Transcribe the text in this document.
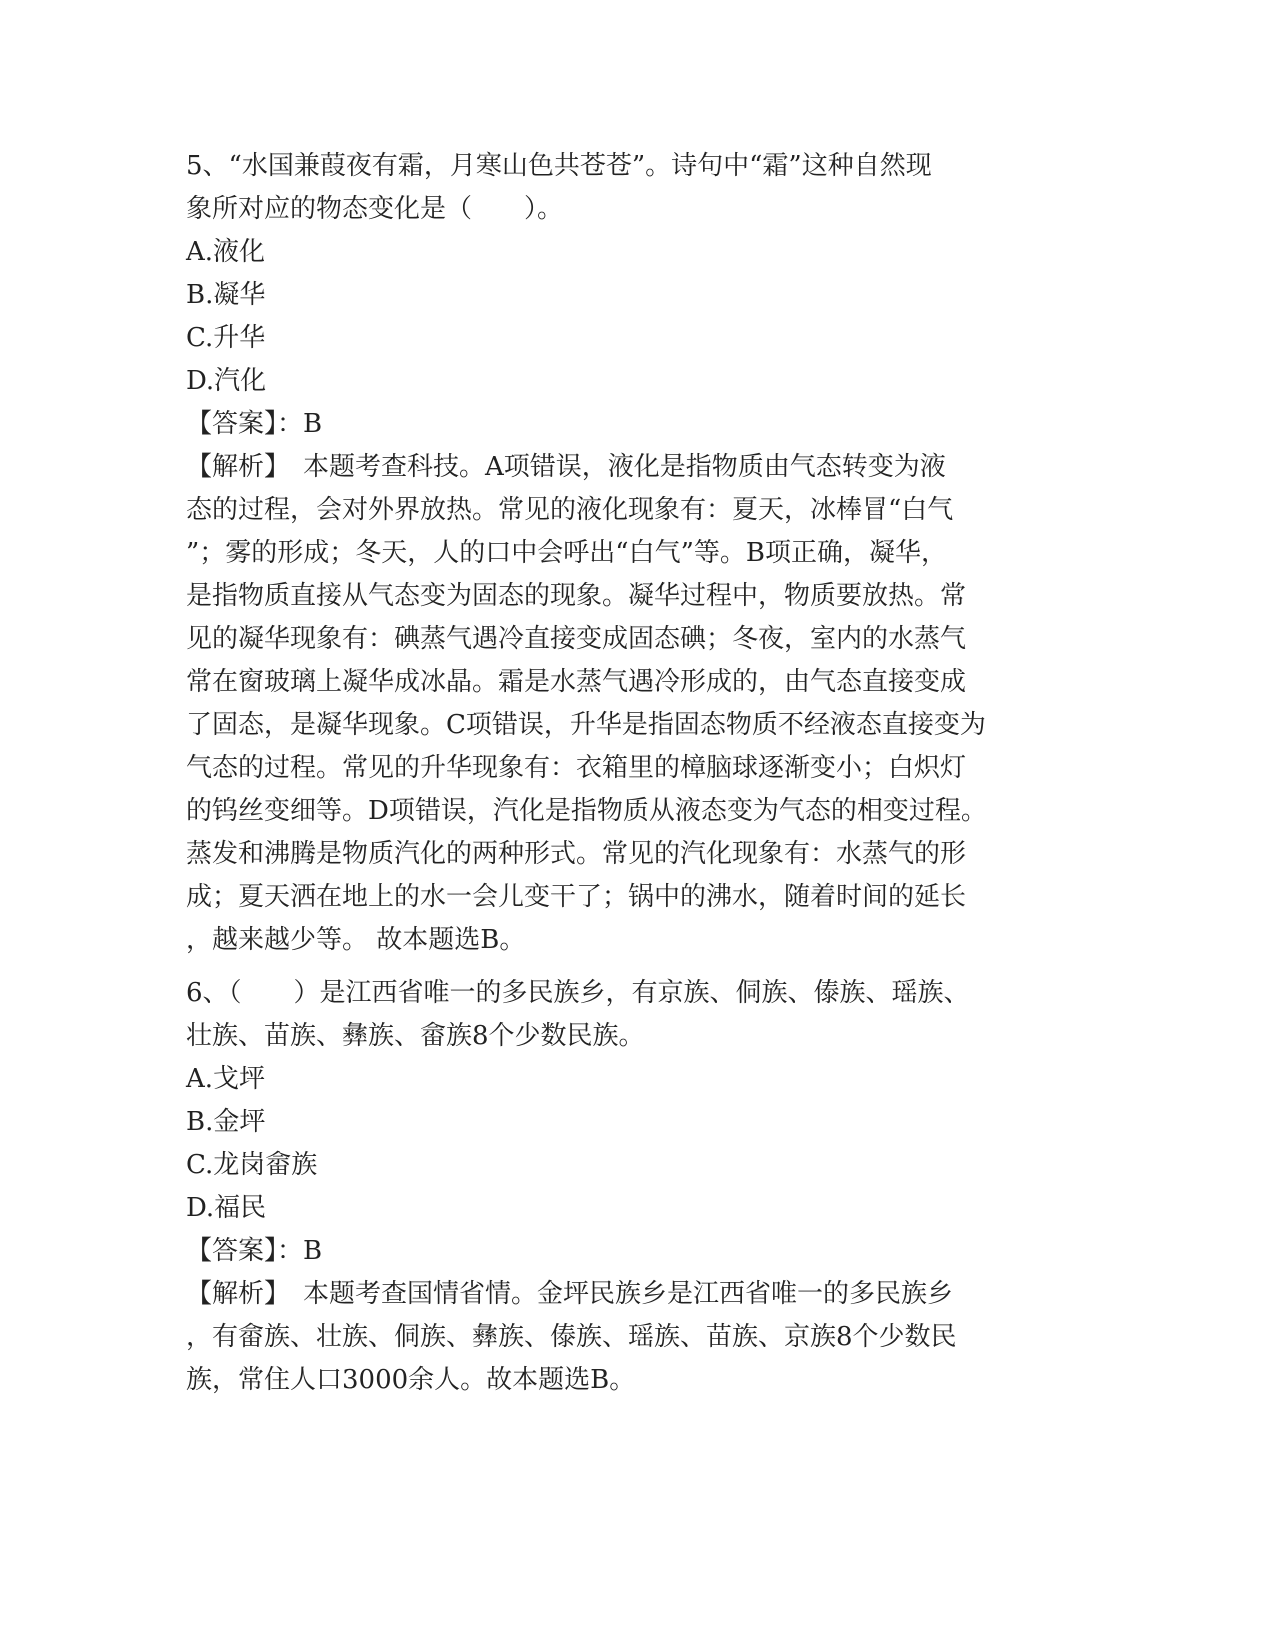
5、“水国兼葭夜有霜，月寒山色共苍苍”。诗句中“霜”这种自然现
象所对应的物态变化是（　　）。
A.液化
B.凝华
C.升华
D.汽化
【答案】：B
【解析】　本题考查科技。A项错误，液化是指物质由气态转变为液
态的过程，会对外界放热。常见的液化现象有：夏天，冰棒冒“白气
”；雾的形成；冬天，人的口中会呼出“白气”等。B项正确，凝华，
是指物质直接从气态变为固态的现象。凝华过程中，物质要放热。常
见的凝华现象有：碘蒸气遇冷直接变成固态碘；冬夜，室内的水蒸气
常在窗玻璃上凝华成冰晶。霜是水蒸气遇冷形成的，由气态直接变成
了固态，是凝华现象。C项错误，升华是指固态物质不经液态直接变为
气态的过程。常见的升华现象有：衣箱里的樟脑球逐渐变小；白炽灯
的钨丝变细等。D项错误，汽化是指物质从液态变为气态的相变过程。
蒸发和沸腾是物质汽化的两种形式。常见的汽化现象有：水蒸气的形
成；夏天洒在地上的水一会儿变干了；锅中的沸水，随着时间的延长
，越来越少等。 故本题选B。
6、（　　）是江西省唯一的多民族乡，有京族、侗族、傣族、瑶族、
壮族、苗族、彝族、畲族8个少数民族。
A.戈坪
B.金坪
C.龙岗畲族
D.福民
【答案】：B
【解析】　本题考查国情省情。金坪民族乡是江西省唯一的多民族乡
，有畲族、壮族、侗族、彝族、傣族、瑶族、苗族、京族8个少数民
族，常住人口3000余人。故本题选B。
